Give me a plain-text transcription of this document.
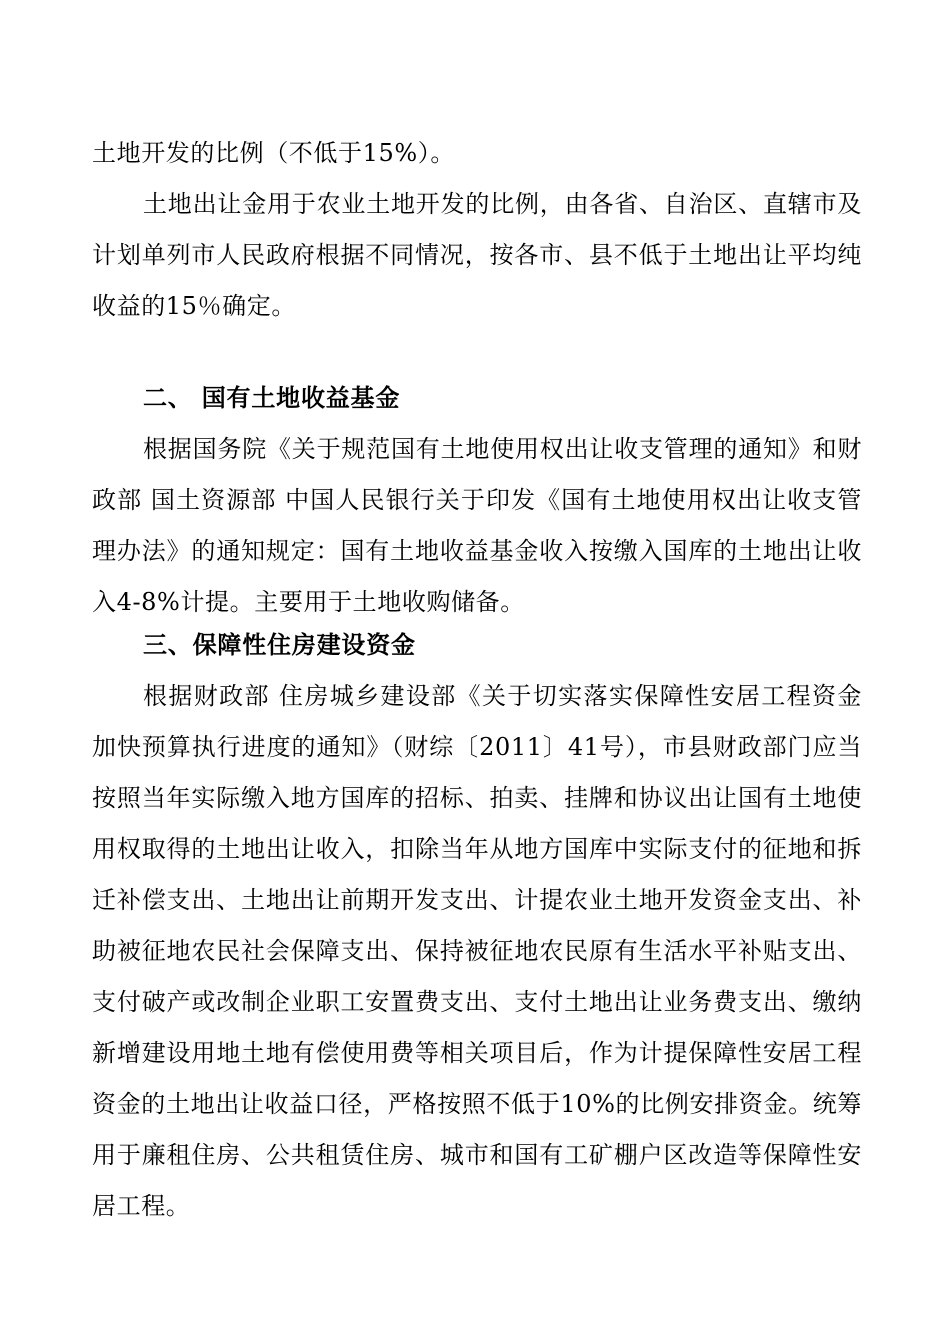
土地开发的比例（不低于15%）。

土地出让金用于农业土地开发的比例，由各省、自治区、直辖市及计划单列市人民政府根据不同情况，按各市、县不低于土地出让平均纯收益的15％确定。

二、 国有土地收益基金

根据国务院《关于规范国有土地使用权出让收支管理的通知》和财政部 国土资源部 中国人民银行关于印发《国有土地使用权出让收支管理办法》的通知规定：国有土地收益基金收入按缴入国库的土地出让收入4-8%计提。主要用于土地收购储备。

三、保障性住房建设资金

根据财政部 住房城乡建设部《关于切实落实保障性安居工程资金加快预算执行进度的通知》（财综〔2011〕41号），市县财政部门应当按照当年实际缴入地方国库的招标、拍卖、挂牌和协议出让国有土地使用权取得的土地出让收入，扣除当年从地方国库中实际支付的征地和拆迁补偿支出、土地出让前期开发支出、计提农业土地开发资金支出、补助被征地农民社会保障支出、保持被征地农民原有生活水平补贴支出、支付破产或改制企业职工安置费支出、支付土地出让业务费支出、缴纳新增建设用地土地有偿使用费等相关项目后，作为计提保障性安居工程资金的土地出让收益口径，严格按照不低于10%的比例安排资金。统筹用于廉租住房、公共租赁住房、城市和国有工矿棚户区改造等保障性安居工程。
